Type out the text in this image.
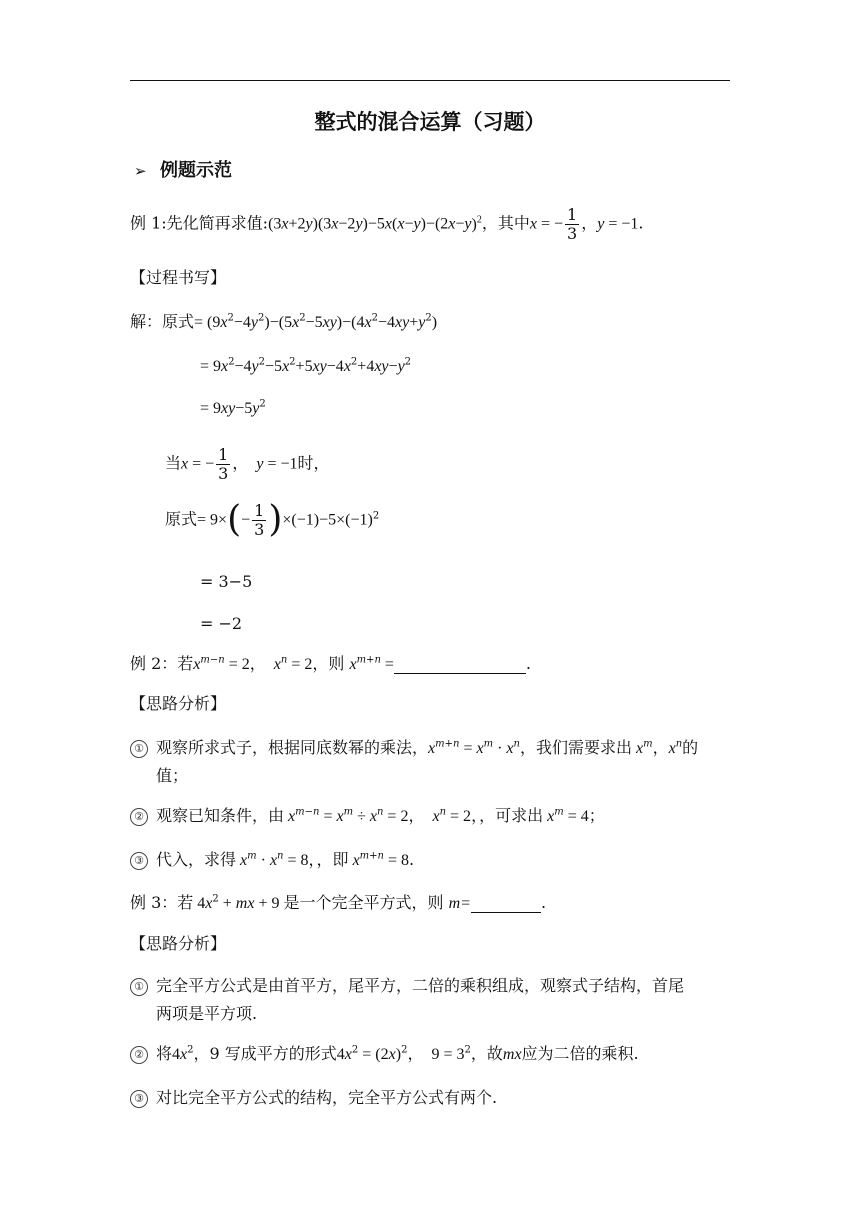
整式的混合运算（习题）
➢ 例题示范
例 1:先化简再求值$:(3x+2y)(3x-2y)-5x(x-y)-(2x-y)^2$，其中x = − $\frac{1}{3}$ ，y = −1.
【过程书写】
解：原式= $(9x^2-4y^2)-(5x^2-5xy)-(4x^2-4xy+y^2)$
= $9x^2-4y^2-5x^2+5xy-4x^2+4xy-y^2$
= $9xy-5y^2$
当x = − $\frac{1}{3}$ ，　y = −1时，
原式= $9\times(- \frac{1}{3} )\times(-1)-5\times(-1)^2$
= 3−5
= −2
例 2：若$x^{m-n} = 2$，　$x^n = 2$，则 $x^{m+n}$ =	.
【思路分析】
① 观察所求式子，根据同底数幂的乘法，$x^{m+n} = x^m \cdot x^n$，我们需要求出 $x^m$，$x^n$的
值；
② 观察已知条件，由 $x^{m-n} = x^m \div x^n = 2$，　$x^n = 2$，，可求出 $x^m = 4$；
③ 代入，求得 $x^m \cdot x^n = 8$，，即 $x^{m+n} = 8$.
例 3：若 $4x^2$ + mx + 9 是一个完全平方式，则 m=	.
【思路分析】
① 完全平方公式是由首平方，尾平方，二倍的乘积组成，观察式子结构，首尾
两项是平方项.
② 将$4x^2$，9 写成平方的形式$4x^2 = (2x)^2$，　$9 = 3^2$，故mx应为二倍的乘积.
③ 对比完全平方公式的结构，完全平方公式有两个.
